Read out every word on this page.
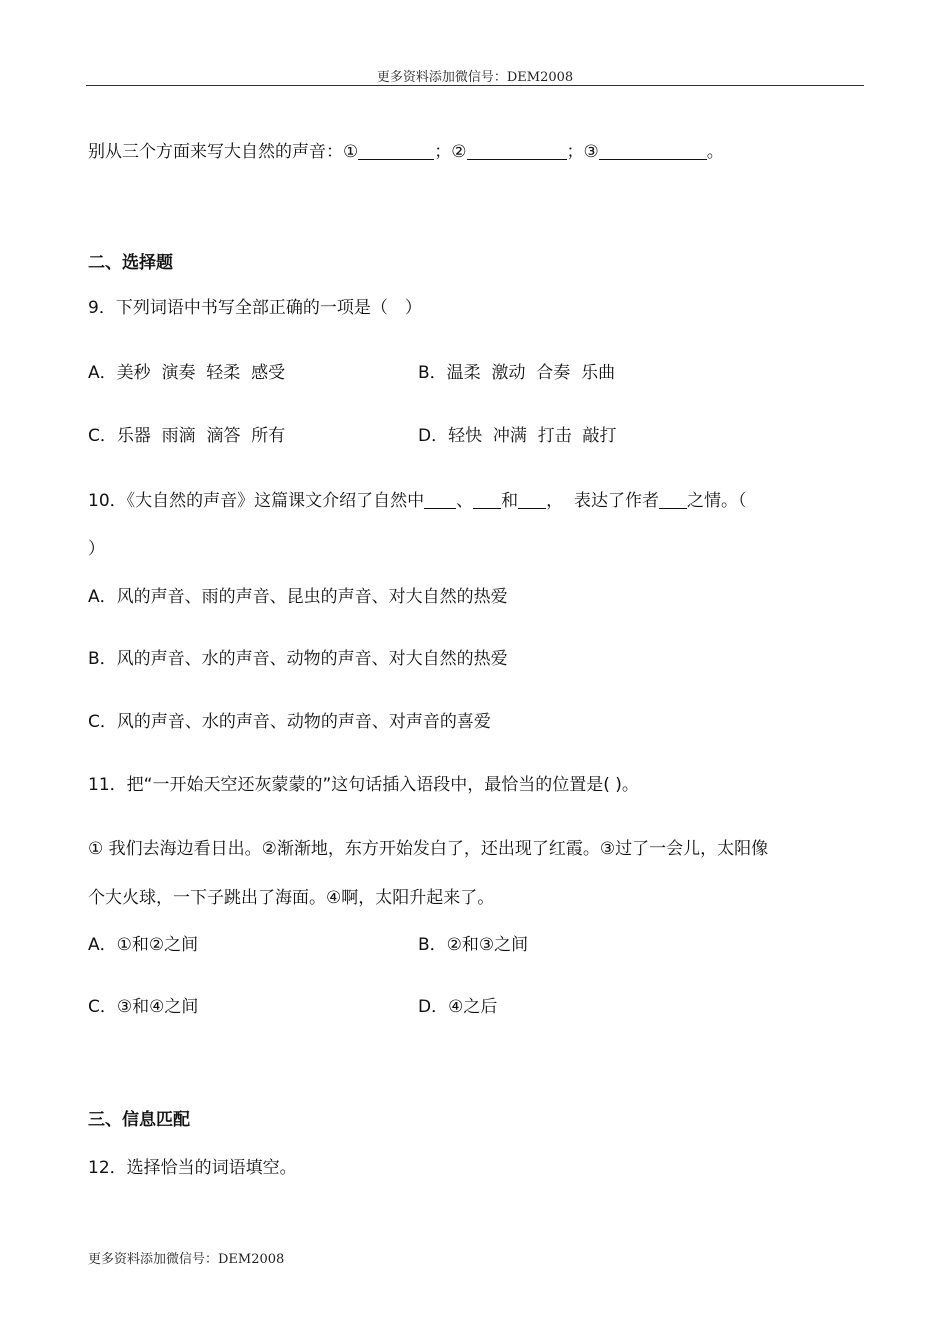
更多资料添加微信号：DEM2008
别从三个方面来写大自然的声音：①	；②	；③	。
二、选择题
9．下列词语中书写全部正确的一项是（　）
A．美秒  演奏  轻柔  感受	B．温柔  激动  合奏  乐曲
C．乐器  雨滴  滴答  所有	D．轻快  冲满  打击  敲打
10．《大自然的声音》这篇课文介绍了自然中 、 和 ，  表达了作者 之情。（
）
A．风的声音、雨的声音、昆虫的声音、对大自然的热爱
B．风的声音、水的声音、动物的声音、对大自然的热爱
C．风的声音、水的声音、动物的声音、对声音的喜爱
11．把“一开始天空还灰蒙蒙的”这句话插入语段中，最恰当的位置是( )。
① 我们去海边看日出。②渐渐地，东方开始发白了，还出现了红霞。③过了一会儿，太阳像
个大火球，一下子跳出了海面。④啊，太阳升起来了。
A．①和②之间	B．②和③之间
C．③和④之间	D．④之后
三、信息匹配
12．选择恰当的词语填空。
更多资料添加微信号：DEM2008
